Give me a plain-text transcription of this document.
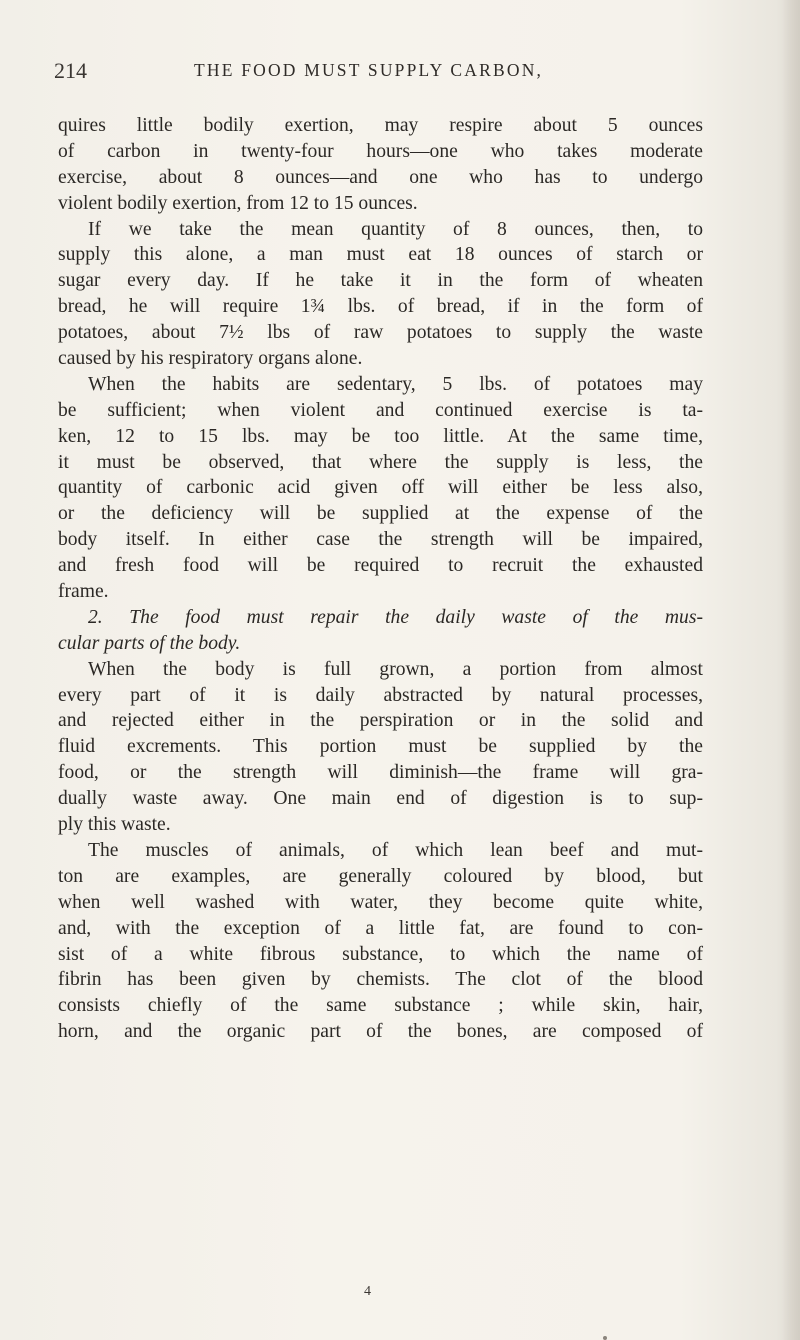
214	THE FOOD MUST SUPPLY CARBON,
quires little bodily exertion, may respire about 5 ounces
of carbon in twenty-four hours—one who takes moderate
exercise, about 8 ounces—and one who has to undergo
violent bodily exertion, from 12 to 15 ounces.
If we take the mean quantity of 8 ounces, then, to
supply this alone, a man must eat 18 ounces of starch or
sugar every day. If he take it in the form of wheaten
bread, he will require 1¾ lbs. of bread, if in the form of
potatoes, about 7½ lbs of raw potatoes to supply the waste
caused by his respiratory organs alone.
When the habits are sedentary, 5 lbs. of potatoes may
be sufficient; when violent and continued exercise is ta-
ken, 12 to 15 lbs. may be too little. At the same time,
it must be observed, that where the supply is less, the
quantity of carbonic acid given off will either be less also,
or the deficiency will be supplied at the expense of the
body itself. In either case the strength will be impaired,
and fresh food will be required to recruit the exhausted
frame.
2. The food must repair the daily waste of the mus-
cular parts of the body.
When the body is full grown, a portion from almost
every part of it is daily abstracted by natural processes,
and rejected either in the perspiration or in the solid and
fluid excrements. This portion must be supplied by the
food, or the strength will diminish—the frame will gra-
dually waste away. One main end of digestion is to sup-
ply this waste.
The muscles of animals, of which lean beef and mut-
ton are examples, are generally coloured by blood, but
when well washed with water, they become quite white,
and, with the exception of a little fat, are found to con-
sist of a white fibrous substance, to which the name of
fibrin has been given by chemists. The clot of the blood
consists chiefly of the same substance ; while skin, hair,
horn, and the organic part of the bones, are composed of
4
